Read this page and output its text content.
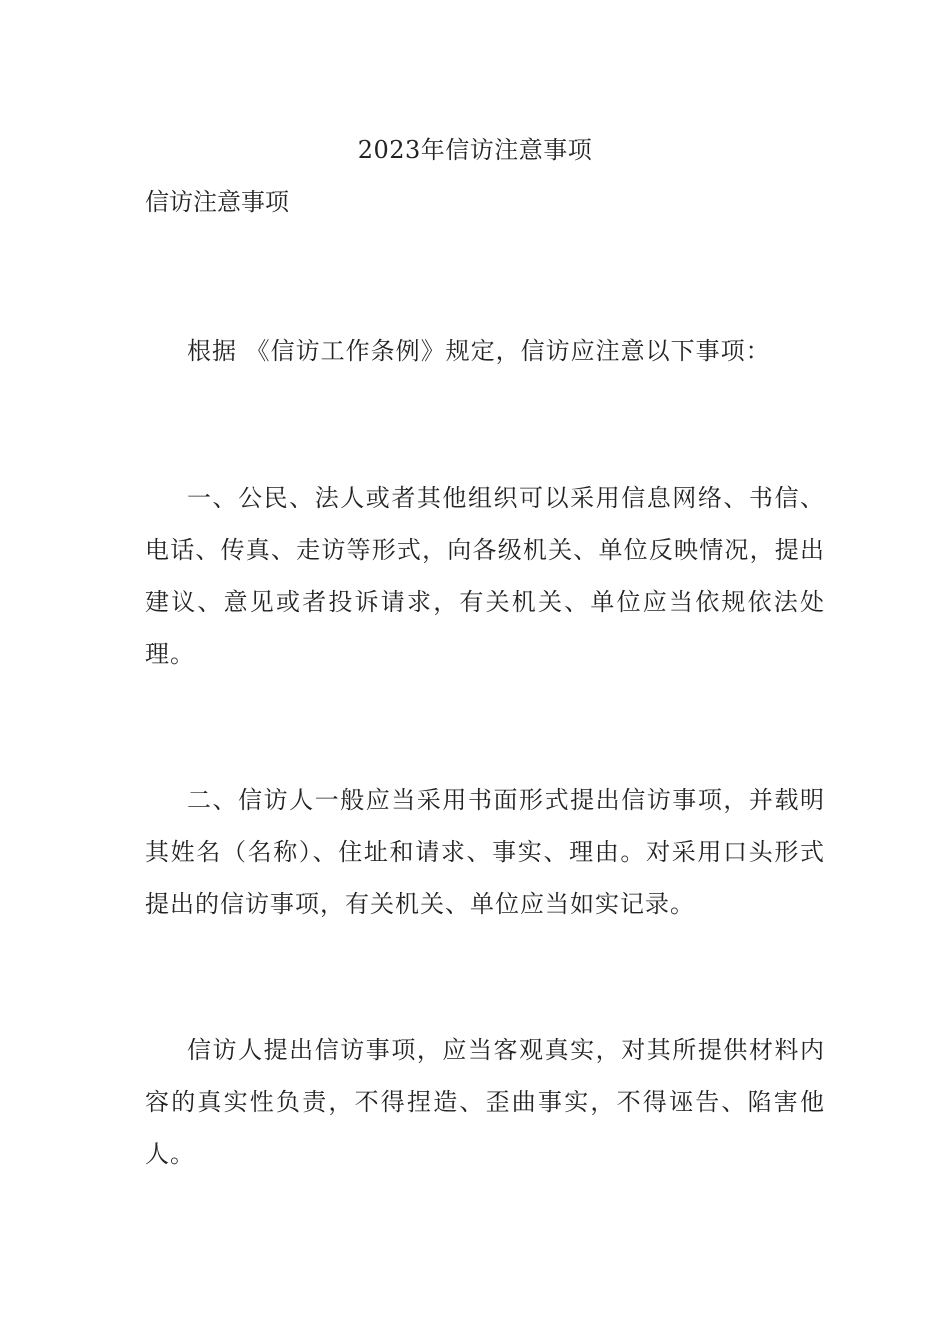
2023年信访注意事项
信访注意事项

根据 《信访工作条例》规定，信访应注意以下事项：

一、公民、法人或者其他组织可以采用信息网络、书信、电话、传真、走访等形式，向各级机关、单位反映情况，提出建议、意见或者投诉请求，有关机关、单位应当依规依法处理。

二、信访人一般应当采用书面形式提出信访事项，并载明其姓名（名称）、住址和请求、事实、理由。对采用口头形式提出的信访事项，有关机关、单位应当如实记录。

信访人提出信访事项，应当客观真实，对其所提供材料内容的真实性负责，不得捏造、歪曲事实，不得诬告、陷害他人。
